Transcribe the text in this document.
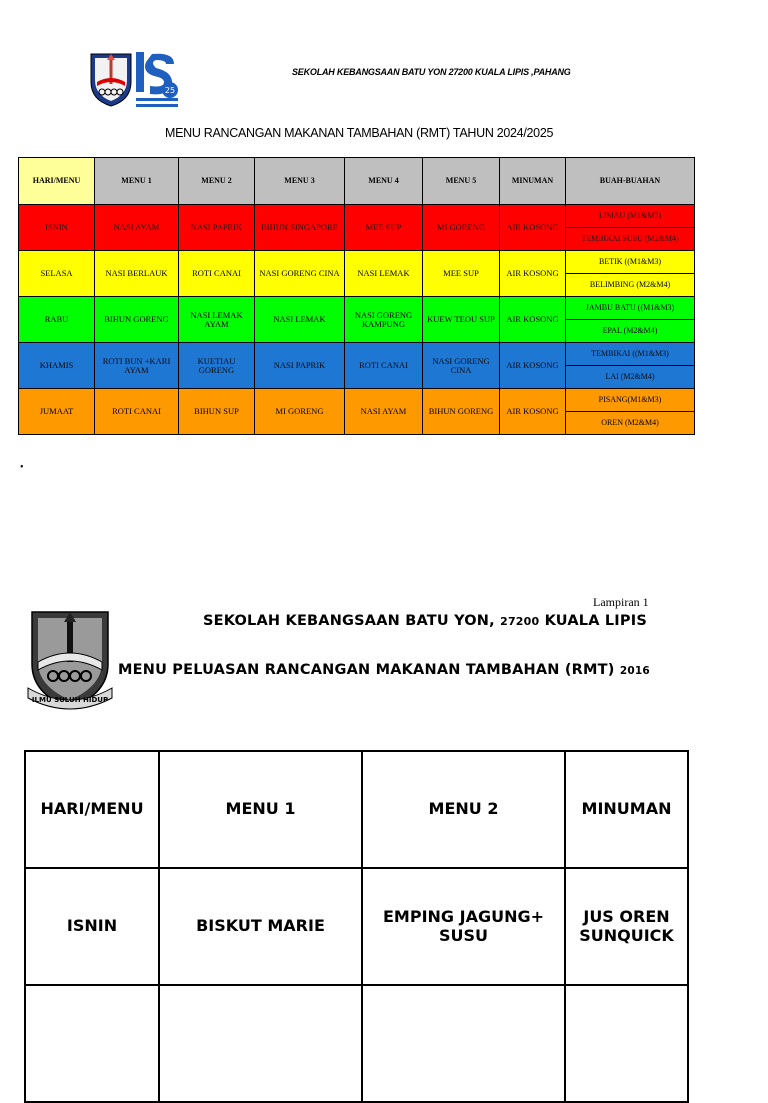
25
SEKOLAH KEBANGSAAN BATU YON 27200 KUALA LIPIS ,PAHANG
MENU RANCANGAN MAKANAN TAMBAHAN (RMT) TAHUN 2024/2025
HARI/MENU	MENU 1	MENU 2	MENU 3	MENU 4	MENU 5	MINUMAN	BUAH-BUAHAN
ISNIN	NASI AYAM	NASI PAPRIK	BIHUN SINGAPORE	MEE SUP	MI GORENG	AIR KOSONG	LIMAU (M1&M3)
							TEMBIKAI SUSU (M2&M4)
SELASA	NASI BERLAUK	ROTI CANAI	NASI GORENG CINA	NASI LEMAK	MEE SUP	AIR KOSONG	BETIK ((M1&M3)
							BELIMBING (M2&M4)
RABU	BIHUN GORENG	NASI LEMAK AYAM	NASI LEMAK	NASI GORENG KAMPUNG	KUEW TEOU SUP	AIR KOSONG	JAMBU BATU ((M1&M3)
							EPAL (M2&M4)
KHAMIS	ROTI BUN +KARI AYAM	KUETIAU GORENG	NASI PAPRIK	ROTI CANAI	NASI GORENG CINA	AIR KOSONG	TEMBIKAI ((M1&M3)
							LAI (M2&M4)
JUMAAT	ROTI CANAI	BIHUN SUP	MI GORENG	NASI AYAM	BIHUN GORENG	AIR KOSONG	PISANG(M1&M3)
							OREN (M2&M4)
•
Lampiran 1
ILMU SULUH HIDUP
SEKOLAH KEBANGSAAN BATU YON, 27200 KUALA LIPIS
MENU PELUASAN RANCANGAN MAKANAN TAMBAHAN (RMT) 2016
HARI/MENU	MENU 1	MENU 2	MINUMAN
ISNIN	BISKUT MARIE	EMPING JAGUNG+ SUSU	JUS OREN SUNQUICK
